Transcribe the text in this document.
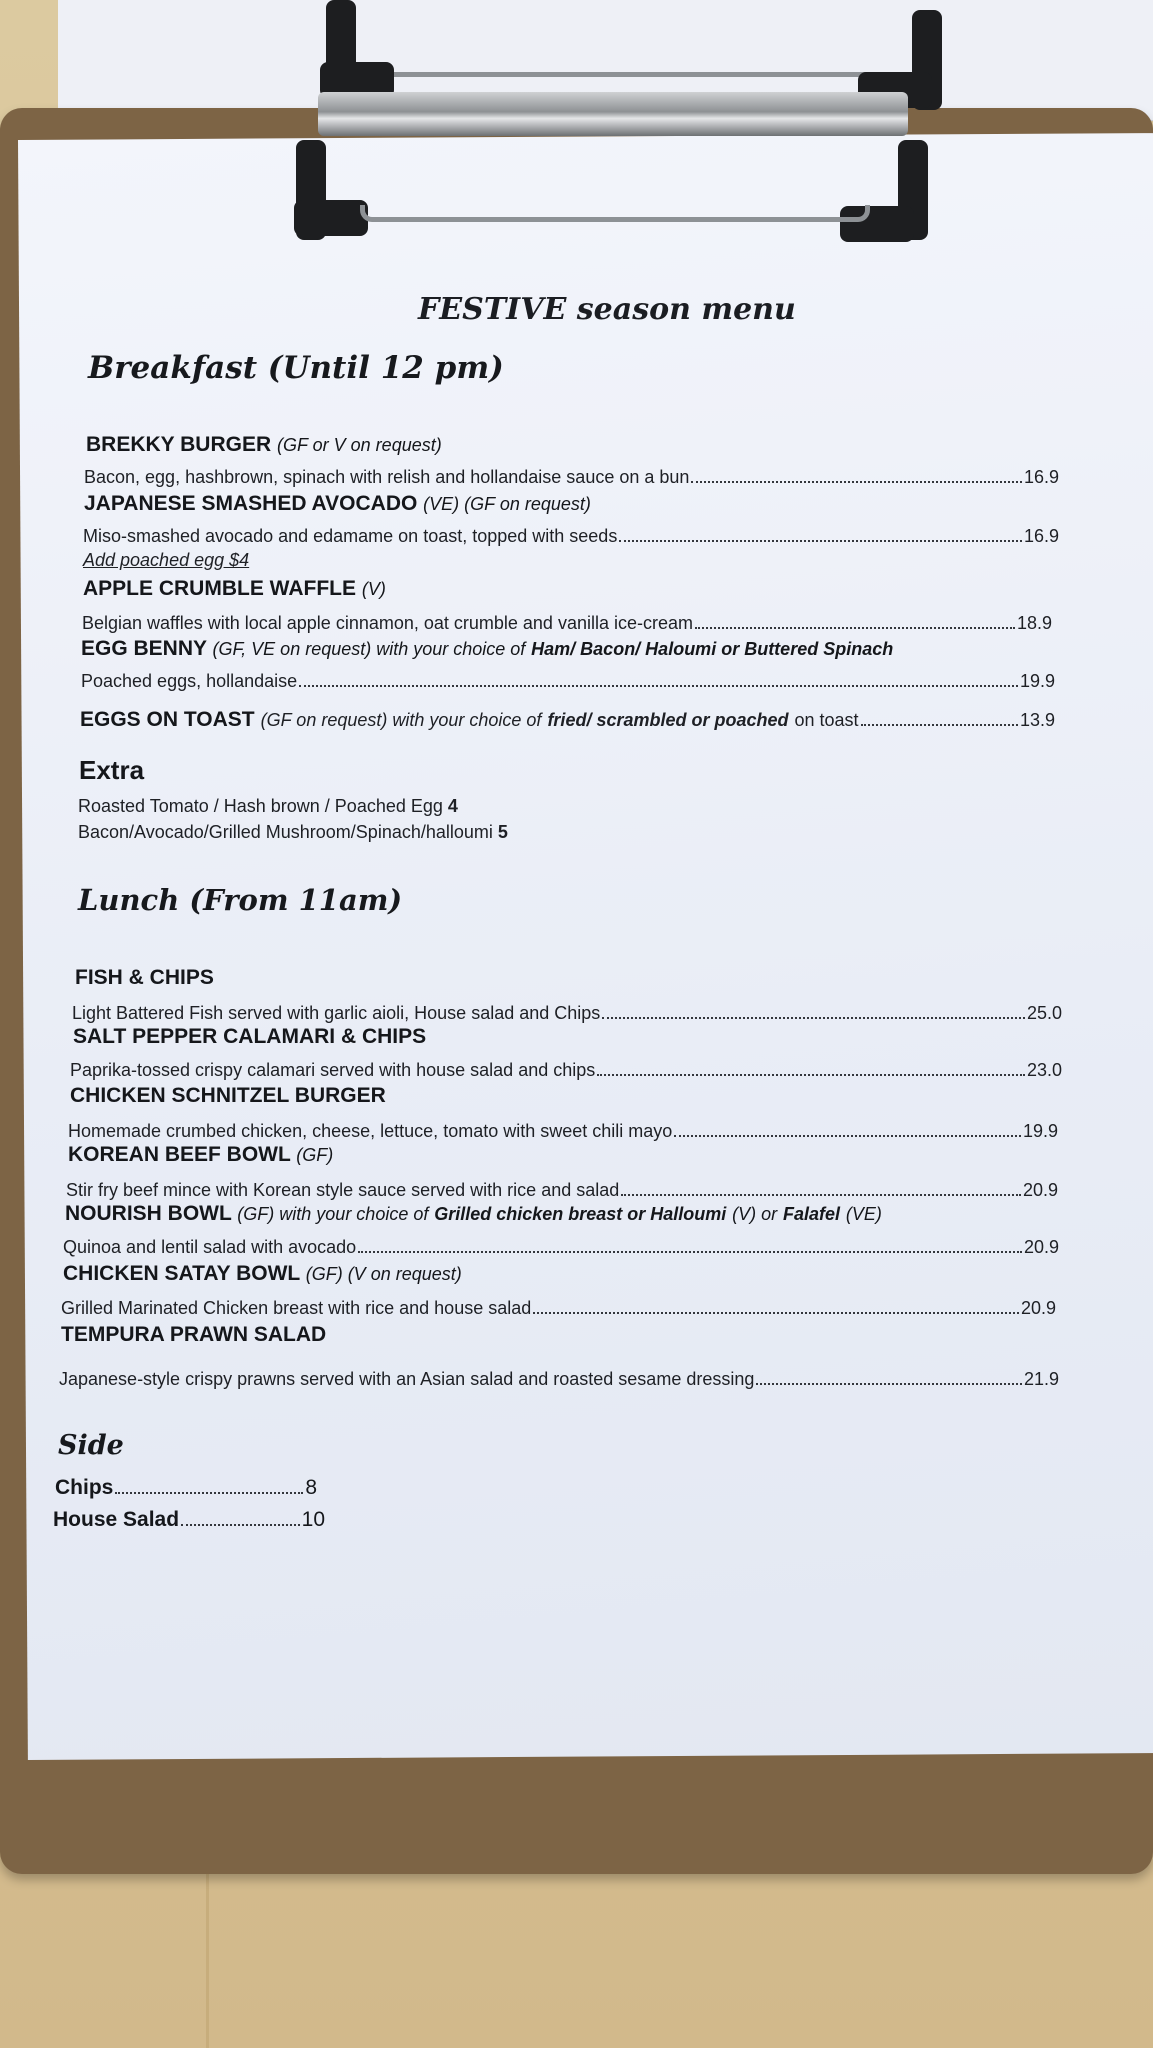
FESTIVE season menu
Breakfast (Until 12 pm)
BREKKY BURGER (GF or V on request)
Bacon, egg, hashbrown, spinach with relish and hollandaise sauce on a bun	16.9
JAPANESE SMASHED AVOCADO (VE) (GF on request)
Miso-smashed avocado and edamame on toast, topped with seeds	16.9
Add poached egg $4
APPLE CRUMBLE WAFFLE (V)
Belgian waffles with local apple cinnamon, oat crumble and vanilla ice-cream	18.9
EGG BENNY (GF, VE on request) with your choice of Ham/ Bacon/ Haloumi or Buttered Spinach
Poached eggs, hollandaise	19.9
EGGS ON TOAST (GF on request) with your choice of fried/ scrambled or poached on toast	13.9
Extra
Roasted Tomato / Hash brown / Poached Egg 4
Bacon/Avocado/Grilled Mushroom/Spinach/halloumi 5
Lunch (From 11am)
FISH & CHIPS
Light Battered Fish served with garlic aioli, House salad and Chips	25.0
SALT PEPPER CALAMARI & CHIPS
Paprika-tossed crispy calamari served with house salad and chips	23.0
CHICKEN SCHNITZEL BURGER
Homemade crumbed chicken, cheese, lettuce, tomato with sweet chili mayo	19.9
KOREAN BEEF BOWL (GF)
Stir fry beef mince with Korean style sauce served with rice and salad	20.9
NOURISH BOWL (GF) with your choice of Grilled chicken breast or Halloumi (V) or Falafel (VE)
Quinoa and lentil salad with avocado	20.9
CHICKEN SATAY BOWL (GF) (V on request)
Grilled Marinated Chicken breast with rice and house salad	20.9
TEMPURA PRAWN SALAD
Japanese-style crispy prawns served with an Asian salad and roasted sesame dressing	21.9
Side
Chips	8
House Salad	10
